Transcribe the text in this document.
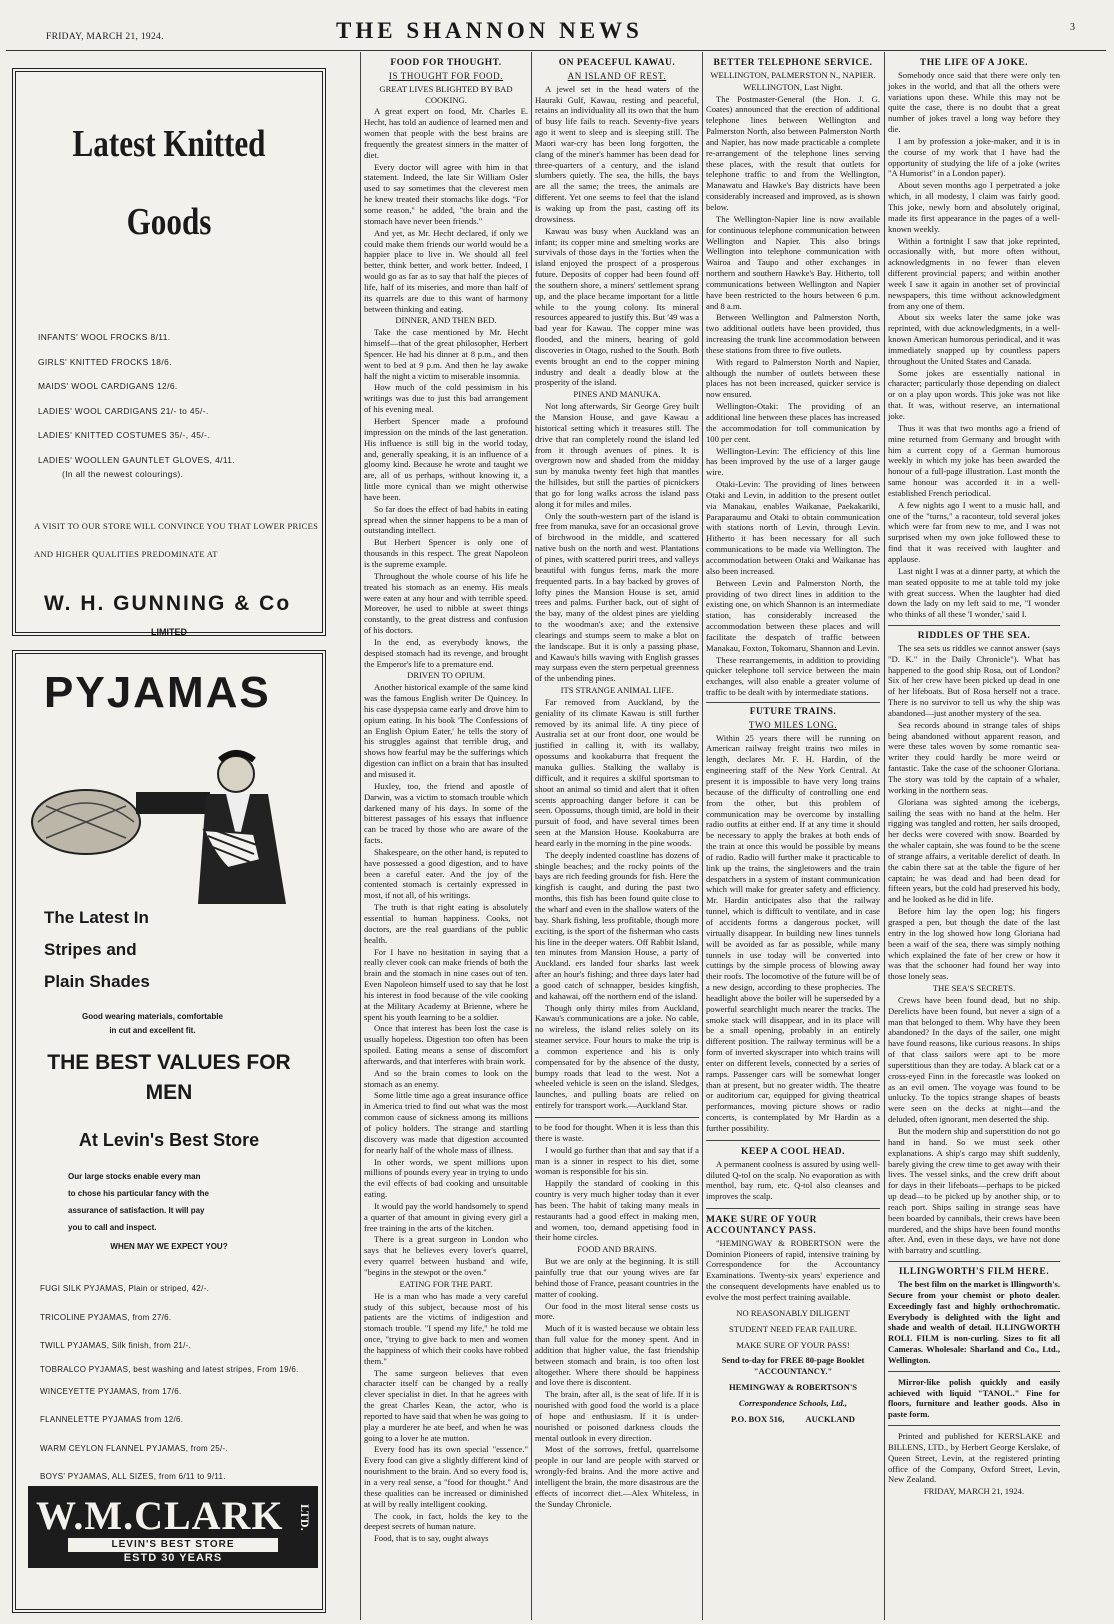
FRIDAY, MARCH 21, 1924.	THE SHANNON NEWS	3
Latest Knitted
Goods
INFANTS' WOOL FROCKS 8/11.
GIRLS' KNITTED FROCKS 18/6.
MAIDS' WOOL CARDIGANS 12/6.
LADIES' WOOL CARDIGANS 21/- to 45/-.
LADIES' KNITTED COSTUMES 35/-, 45/-.
LADIES' WOOLLEN GAUNTLET GLOVES, 4/11.
(In all the newest colourings).
A VISIT TO OUR STORE WILL CONVINCE YOU THAT LOWER PRICES AND HIGHER QUALITIES PREDOMINATE AT
W. H. GUNNING & Co
LIMITED
PYJAMAS
The Latest In
Stripes and
Plain Shades
Good wearing materials, comfortable
in cut and excellent fit.
THE BEST VALUES FOR
MEN
At Levin's Best Store
Our large stocks enable every man
to chose his particular fancy with the
assurance of satisfaction. It will pay
you to call and inspect.
WHEN MAY WE EXPECT YOU?
FUGI SILK PYJAMAS, Plain or striped, 42/-.
TRICOLINE PYJAMAS, from 27/6.
TWILL PYJAMAS, Silk finish, from 21/-.
TOBRALCO PYJAMAS, best washing and latest stripes, From 19/6.
WINCEYETTE PYJAMAS, from 17/6.
FLANNELETTE PYJAMAS from 12/6.
WARM CEYLON FLANNEL PYJAMAS, from 25/-.
BOYS' PYJAMAS, ALL SIZES, from 6/11 to 9/11.
W.M.CLARK LTD.
LEVIN'S BEST STORE
ESTD 30 YEARS
FOOD FOR THOUGHT.
IS THOUGHT FOR FOOD.
GREAT LIVES BLIGHTED BY BAD COOKING.

A great expert on food, Mr. Charles E. Hecht, has told an audience of learned men and women that people with the best brains are frequently the greatest sinners in the matter of diet.

Every doctor will agree with him in that statement. Indeed, the late Sir William Osler used to say sometimes that the cleverest men he knew treated their stomachs like dogs. "For some reason," he added, "the brain and the stomach have never been friends."

And yet, as Mr. Hecht declared, if only we could make them friends our world would be a happier place to live in. We should all feel better, think better, and work better. Indeed, I would go as far as to say that half the pieces of life, half of its miseries, and more than half of its quarrels are due to this want of harmony between thinking and eating.

DINNER, AND THEN BED.

Take the case mentioned by Mr. Hecht himself—that of the great philosopher, Herbert Spencer. He had his dinner at 8 p.m., and then went to bed at 9 p.m. And then he lay awake half the night a victim to miserable insomnia.

How much of the cold pessimism in his writings was due to just this bad arrangement of his evening meal.

Herbert Spencer made a profound impression on the minds of the last generation. His influence is still big in the world today, and, generally speaking, it is an influence of a gloomy kind. Because he wrote and taught we are, all of us perhaps, without knowing it, a little more cynical than we might otherwise have been.

So far does the effect of bad habits in eating spread when the sinner happens to be a man of outstanding intellect.

But Herbert Spencer is only one of thousands in this respect. The great Napoleon is the supreme example.

Throughout the whole course of his life he treated his stomach as an enemy. His meals were eaten at any hour and with terrible speed. Moreover, he used to nibble at sweet things constantly, to the great distress and confusion of his doctors.

In the end, as everybody knows, the despised stomach had its revenge, and brought the Emperor's life to a premature end.

DRIVEN TO OPIUM.

Another historical example of the same kind was the famous English writer De Quincey. In his case dyspepsia came early and drove him to opium eating. In his book 'The Confessions of an English Opium Eater,' he tells the story of his struggles against that terrible drug, and shows how fearful may be the sufferings which digestion can inflict on a brain that has insulted and misused it.

Huxley, too, the friend and apostle of Darwin, was a victim to stomach trouble which darkened many of his days. In some of the bitterest passages of his essays that influence can be traced by those who are aware of the facts.

Shakespeare, on the other hand, is reputed to have possessed a good digestion, and to have been a careful eater. And the joy of the contented stomach is certainly expressed in most, if not all, of his writings.

The truth is that right eating is absolutely essential to human happiness. Cooks, not doctors, are the real guardians of the public health.

For I have no hesitation in saying that a really clever cook can make friends of both the brain and the stomach in nine cases out of ten. Even Napoleon himself used to say that he lost his interest in food because of the vile cooking at the Military Academy at Brienne, where he spent his youth learning to be a soldier.

Once that interest has been lost the case is usually hopeless. Digestion too often has been spoiled. Eating means a sense of discomfort afterwards, and that interferes with brain work.

And so the brain comes to look on the stomach as an enemy.

Some little time ago a great insurance office in America tried to find out what was the most common cause of sickness among its millions of policy holders. The strange and startling discovery was made that digestion accounted for nearly half of the whole mass of illness.

In other words, we spent millions upon millions of pounds every year in trying to undo the evil effects of bad cooking and unsuitable eating.

It would pay the world handsomely to spend a quarter of that amount in giving every girl a free training in the arts of the kitchen.

There is a great surgeon in London who says that he believes every lover's quarrel, every quarrel between husband and wife, "begins in the stewpot or the oven."

EATING FOR THE PART.

He is a man who has made a very careful study of this subject, because most of his patients are the victims of indigestion and stomach trouble. "I spend my life," he told me once, "trying to give back to men and women the happiness of which their cooks have robbed them."

The same surgeon believes that even character itself can be changed by a really clever specialist in diet. In that he agrees with the great Charles Kean, the actor, who is reported to have said that when he was going to play a murderer he ate beef, and when he was going to a lover he ate mutton.

Every food has its own special "essence." Every food can give a slightly different kind of nourishment to the brain. And so every food is, in a very real sense, a "food for thought." And these qualities can be increased or diminished at will by really intelligent cooking.

The cook, in fact, holds the key to the deepest secrets of human nature.

Food, that is to say, ought always

ON PEACEFUL KAWAU.
AN ISLAND OF REST.

A jewel set in the head waters of the Hauraki Gulf, Kawau, resting and peaceful, retains an individuality all its own that the hum of busy life fails to reach. Seventy-five years ago it went to sleep and is sleeping still. The Maori war-cry has been long forgotten, the clang of the miner's hammer has been dead for three-quarters of a century, and the island slumbers quietly. The sea, the hills, the bays are all the same; the trees, the animals are different. Yet one seems to feel that the island is waking up from the past, casting off its drowsiness.

Kawau was busy when Auckland was an infant; its copper mine and smelting works are survivals of those days in the 'forties when the island enjoyed the prospect of a prosperous future. Deposits of copper had been found off the southern shore, a miners' settlement sprang up, and the place became important for a little while to the young colony. Its mineral resources appeared to justify this. But '49 was a bad year for Kawau. The copper mine was flooded, and the miners, hearing of gold discoveries in Otago, rushed to the South. Both events brought an end to the copper mining industry and dealt a deadly blow at the prosperity of the island.

PINES AND MANUKA.

Not long afterwards, Sir George Grey built the Mansion House, and gave Kawau a historical setting which it treasures still. The drive that ran completely round the island led from it through avenues of pines. It is overgrown now and shaded from the midday sun by manuka twenty feet high that mantles the hillsides, but still the parties of picnickers that go for long walks across the island pass along it for miles and miles.

Only the south-western part of the island is free from manuka, save for an occasional grove of birchwood in the middle, and scattered native bush on the north and west. Plantations of pines, with scattered puriri trees, and valleys beautiful with fungus ferns, mark the more frequented parts. In a bay backed by groves of lofty pines the Mansion House is set, amid trees and palms. Further back, out of sight of the bay, many of the oldest pines are yielding to the woodman's axe; and the extensive clearings and stumps seem to make a blot on the landscape. But it is only a passing phase, and Kawau's hills waving with English grasses may surpass even the stern perpetual greenness of the unbending pines.

ITS STRANGE ANIMAL LIFE.

Far removed from Auckland, by the geniality of its climate Kawau is still further removed by its animal life. A tiny piece of Australia set at our front door, one would be justified in calling it, with its wallaby, opossums and kookaburra that frequent the manuka gullies. Stalking the wallaby is difficult, and it requires a skilful sportsman to shoot an animal so timid and alert that it often scents approaching danger before it can be seen. Opossums, though timid, are bold in their pursuit of food, and have several times been seen at the Mansion House. Kookaburra are heard early in the morning in the pine woods.

The deeply indented coastline has dozens of shingle beaches; and the rocky points of the bays are rich feeding grounds for fish. Here the kingfish is caught, and during the past two months, this fish has been found quite close to the wharf and even in the shallow waters of the bay. Shark fishing, less profitable, though more exciting, is the sport of the fisherman who casts his line in the deeper waters. Off Rabbit Island, ten minutes from Mansion House, a party of Auckland. ers landed four sharks last week after an hour's fishing; and three days later had a good catch of schnapper, besides kingfish, and kahawai, off the northern end of the island.

Though only thirty miles from Auckland, Kawau's communications are a joke. No cable, no wireless, the island relies solely on its steamer service. Four hours to make the trip is a common experience and his is only compensated for by the absence of the dusty, bumpy roads that lead to the west. Not a wheeled vehicle is seen on the island. Sledges, launches, and pulling boats are relied on entirely for transport work.—Auckland Star.

to be food for thought. When it is less than this there is waste.

I would go further than that and say that if a man is a sinner in respect to his diet, some woman is responsible for his sin.

Happily the standard of cooking in this country is very much higher today than it ever has been. The habit of taking many meals in restaurants had a good effect in making men, and women, too, demand appetising food in their home circles.

FOOD AND BRAINS.

But we are only at the beginning. It is still painfully true that our young wives are far behind those of France, peasant countries in the matter of cooking.

Our food in the most literal sense costs us more.

Much of it is wasted because we obtain less than full value for the money spent. And in addition that higher value, the fast friendship between stomach and brain, is too often lost altogether. Where there should be happiness and love there is discontent.

The brain, after all, is the seat of life. If it is nourished with good food the world is a place of hope and enthusiasm. If it is under-nourished or poisoned darkness clouds the mental outlook in every direction.

Most of the sorrows, fretful, quarrelsome people in our land are people with starved or wrongly-fed brains. And the more active and intelligent the brain, the more disastrous are the effects of incorrect diet.—Alex Whiteless, in the Sunday Chronicle.

BETTER TELEPHONE SERVICE.
WELLINGTON, PALMERSTON N., NAPIER.

WELLINGTON, Last Night.

The Postmaster-General (the Hon. J. G. Coates) announced that the erection of additional telephone lines between Wellington and Palmerston North, also between Palmerston North and Napier, has now made practicable a complete re-arrangement of the telephone lines serving these places, with the result that outlets for telephone traffic to and from the Wellington, Manawatu and Hawke's Bay districts have been considerably increased and improved, as is shown below.

The Wellington-Napier line is now available for continuous telephone communication between Wellington and Napier. This also brings Wellington into telephone communication with Wairoa and Taupo and other exchanges in northern and southern Hawke's Bay. Hitherto, toll communications between Wellington and Napier have been restricted to the hours between 6 p.m. and 8 a.m.

Between Wellington and Palmerston North, two additional outlets have been provided, thus increasing the trunk line accommodation between these stations from three to five outlets.

With regard to Palmerston North and Napier, although the number of outlets between these places has not been increased, quicker service is now ensured.

Wellington-Otaki: The providing of an additional line between these places has increased the accommodation for toll communication by 100 per cent.

Wellington-Levin: The efficiency of this line has been improved by the use of a larger gauge wire.

Otaki-Levin: The providing of lines between Otaki and Levin, in addition to the present outlet via Manakau, enables Waikanae, Paekakariki, Paraparaumu and Otaki to obtain communication with stations north of Levin, through Levin. Hitherto it has been necessary for all such communications to be made via Wellington. The accommodation between Otaki and Waikanae has also been increased.

Between Levin and Palmerston North, the providing of two direct lines in addition to the existing one, on which Shannon is an intermediate station, has considerably increased the accommodation between these places and will facilitate the despatch of traffic between Manakau, Foxton, Tokomaru, Shannon and Levin.

These rearrangements, in addition to providing quicker telephone toll service between the main exchanges, will also enable a greater volume of traffic to be dealt with by intermediate stations.

FUTURE TRAINS.
TWO MILES LONG.

Within 25 years there will be running on American railway freight trains two miles in length, declares Mr. F. H. Hardin, of the engineering staff of the New York Central. At present it is impossible to have very long trains because of the difficulty of controlling one end from the other, but this problem of communication may be overcome by installing radio outfits at either end. If at any time it should be necessary to apply the brakes at both ends of the train at once this would be possible by means of radio. Radio will further make it practicable to link up the trains, the singletowers and the train despatchers in a system of instant communication which will make for greater safety and efficiency. Mr. Hardin anticipates also that the railway tunnel, which is difficult to ventilate, and in case of accidents forms a dangerous pocket, will virtually disappear. In building new lines tunnels will be avoided as far as possible, while many tunnels in use today will be converted into cuttings by the simple process of blowing away their roofs. The locomotive of the future will be of a new design, according to these prophecies. The headlight above the boiler will be superseded by a powerful searchlight much nearer the tracks. The smoke stack will disappear, and in its place will be a small opening, probably in an entirely different position. The railway terminus will be a form of inverted skyscraper into which trains will enter on different levels, connected by a series of ramps. Passenger cars will be somewhat longer than at present, but no greater width. The theatre or auditorium car, equipped for giving theatrical performances, moving picture shows or radio concerts, is contemplated by Mr Hardin as a further possibility.

KEEP A COOL HEAD.

A permanent coolness is assured by using well-diluted Q-tol on the scalp. No evaporation as with menthol, bay rum, etc. Q-tol also cleanses and improves the scalp.

MAKE SURE OF YOUR ACCOUNTANCY PASS.

"HEMINGWAY & ROBERTSON were the Dominion Pioneers of rapid, intensive training by Correspondence for the Accountancy Examinations. Twenty-six years' experience and the consequent developments have enabled us to evolve the most perfect training available.

NO REASONABLY DILIGENT
STUDENT NEED FEAR FAILURE.
MAKE SURE OF YOUR PASS!
Send to-day for FREE 80-page Booklet "ACCOUNTANCY."
HEMINGWAY & ROBERTSON'S
Correspondence Schools, Ltd.,
P.O. BOX 516,          AUCKLAND
THE LIFE OF A JOKE.

Somebody once said that there were only ten jokes in the world, and that all the others were variations upon these. While this may not be quite the case, there is no doubt that a great number of jokes travel a long way before they die.

I am by profession a joke-maker, and it is in the course of my work that I have had the opportunity of studying the life of a joke (writes "A Humorist" in a London paper).

About seven months ago I perpetrated a joke which, in all modesty, I claim was fairly good. This joke, newly born and absolutely original, made its first appearance in the pages of a well-known weekly.

Within a fortnight I saw that joke reprinted, occasionally with, but more often without, acknowledgments in no fewer than eleven different provincial papers; and within another week I saw it again in another set of provincial newspapers, this time without acknowledgment from any one of them.

About six weeks later the same joke was reprinted, with due acknowledgments, in a well-known American humorous periodical, and it was immediately snapped up by countless papers throughout the United States and Canada.

Some jokes are essentially national in character; particularly those depending on dialect or on a play upon words. This joke was not like that. It was, without reserve, an international joke.

Thus it was that two months ago a friend of mine returned from Germany and brought with him a current copy of a German humorous weekly in which my joke has been awarded the honour of a full-page illustration. Last month the same honour was accorded it in a well-established French periodical.

A few nights ago I went to a music hall, and one of the "turns," a raconteur, told several jokes which were far from new to me, and I was not surprised when my own joke followed these to find that it was received with laughter and applause.

Last night I was at a dinner party, at which the man seated opposite to me at table told my joke with great success. When the laughter had died down the lady on my left said to me, "I wonder who thinks of all these 'I wonder,' said I.

RIDDLES OF THE SEA.

The sea sets us riddles we cannot answer (says "D. K." in the Daily Chronicle"). What has happened to the good ship Rosa, out of London? Six of her crew have been picked up dead in one of her lifeboats. But of Rosa herself not a trace. There is no survivor to tell us why the ship was abandoned—just another mystery of the sea.

Sea records abound in strange tales of ships being abandoned without apparent reason, and were these tales woven by some romantic sea-writer they could hardly be more weird or fantastic. Take the case of the schooner Gloriana. The story was told by the captain of a whaler, working in the northern seas.

Gloriana was sighted among the icebergs, sailing the seas with no hand at the helm. Her rigging was tangled and rotten, her sails drooped, her decks were covered with snow. Boarded by the whaler captain, she was found to be the scene of strange affairs, a veritable derelict of death. In the cabin there sat at the table the figure of her captain; he was dead and had been dead for fifteen years, but the cold had preserved his body, and he looked as he did in life.

Before him lay the open log; his fingers grasped a pen, but though the date of the last entry in the log showed how long Gloriana had been a waif of the sea, there was simply nothing which explained the fate of her crew or how it was that the schooner had found her way into those lonely seas.

THE SEA'S SECRETS.

Crews have been found dead, but no ship. Derelicts have been found, but never a sign of a man that belonged to them. Why have they been abandoned? In the days of the sailer, one might have found reasons, like curious reasons. In ships of that class sailors were apt to be more superstitious than they are today. A black cat or a cross-eyed Finn in the forecastle was looked on as an evil omen. The voyage was found to be unlucky. To the topics strange shapes of beasts were seen on the decks at night—and the deluded, often ignorant, men deserted the ship.

But the modern ship and superstition do not go hand in hand. So we must seek other explanations. A ship's cargo may shift suddenly, barely giving the crew time to get away with their lives. The vessel sinks, and the crew drift about for days in their lifeboats—perhaps to be picked up dead—to be picked up by another ship, or to reach port. Ships sailing in strange seas have been boarded by cannibals, their crews have been murdered, and the ships have been found months after. And, even in these days, we have not done with barratry and scuttling.

ILLINGWORTH'S FILM HERE.

The best film on the market is Illingworth's. Secure from your chemist or photo dealer. Exceedingly fast and highly orthochromatic. Everybody is delighted with the light and shade and wealth of detail. ILLINGWORTH ROLL FILM is non-curling. Sizes to fit all Cameras. Wholesale: Sharland and Co., Ltd., Wellington.

Mirror-like polish quickly and easily achieved with liquid "TANOL." Fine for floors, furniture and leather goods. Also in paste form.

Printed and published for KERSLAKE and BILLENS, LTD., by Herbert George Kerslake, of Queen Street, Levin, at the registered printing office of the Company, Oxford Street, Levin, New Zealand.

FRIDAY, MARCH 21, 1924.
